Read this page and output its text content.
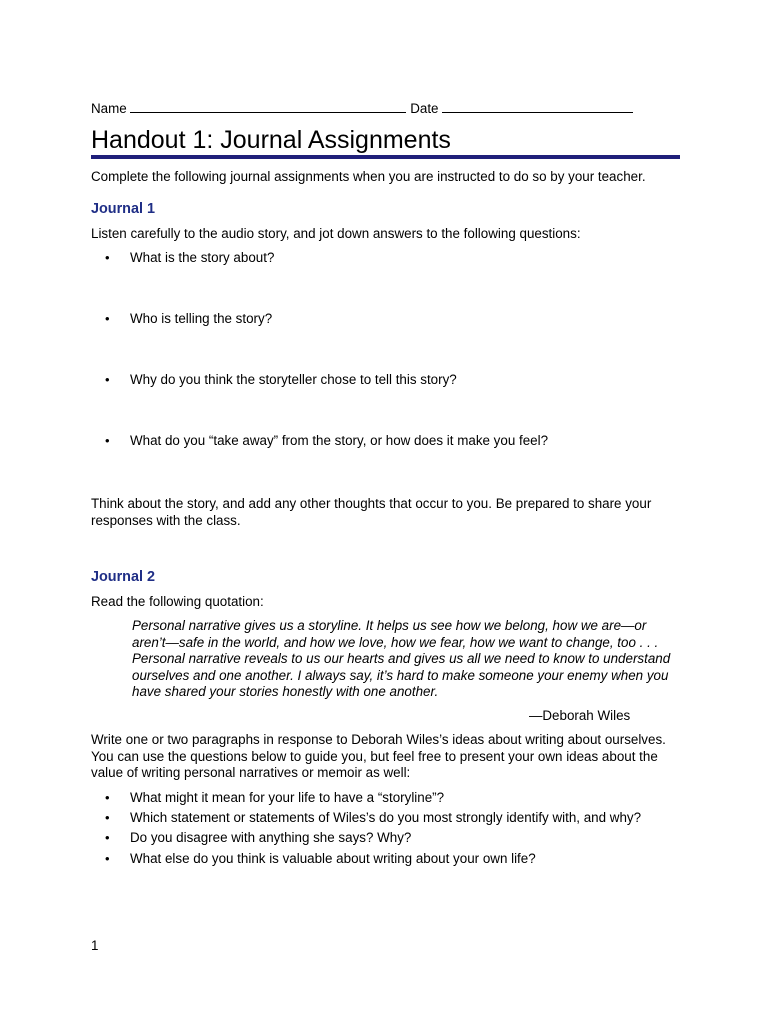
Name	Date
Handout 1: Journal Assignments

Complete the following journal assignments when you are instructed to do so by your teacher.

Journal 1

Listen carefully to the audio story, and jot down answers to the following questions:

• What is the story about?
• Who is telling the story?
• Why do you think the storyteller chose to tell this story?
• What do you “take away” from the story, or how does it make you feel?

Think about the story, and add any other thoughts that occur to you. Be prepared to share your responses with the class.

Journal 2

Read the following quotation:

Personal narrative gives us a storyline. It helps us see how we belong, how we are—or aren’t—safe in the world, and how we love, how we fear, how we want to change, too . . . Personal narrative reveals to us our hearts and gives us all we need to know to understand ourselves and one another. I always say, it’s hard to make someone your enemy when you have shared your stories honestly with one another.

—Deborah Wiles

Write one or two paragraphs in response to Deborah Wiles’s ideas about writing about ourselves. You can use the questions below to guide you, but feel free to present your own ideas about the value of writing personal narratives or memoir as well:

• What might it mean for your life to have a “storyline”?
• Which statement or statements of Wiles’s do you most strongly identify with, and why?
• Do you disagree with anything she says? Why?
• What else do you think is valuable about writing about your own life?
1
